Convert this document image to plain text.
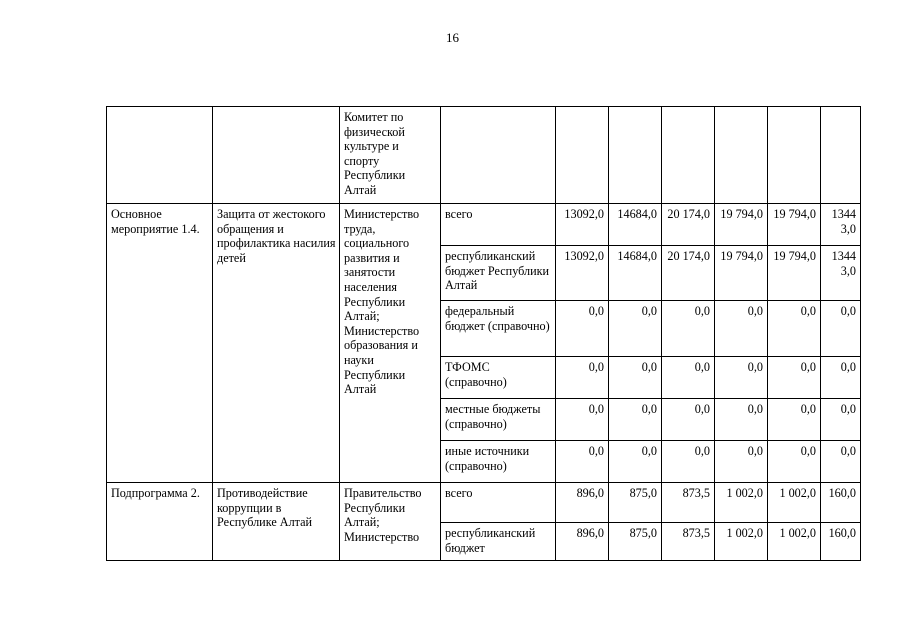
16
		Комитет по физической культуре и спорту Республики Алтай							
Основное мероприятие 1.4.	Защита от жестокого обращения и профилактика насилия детей	Министерство труда, социального развития и занятости населения Республики Алтай; Министерство образования и науки Республики Алтай	всего	13092,0	14684,0	20 174,0	19 794,0	19 794,0	1344 3,0
			республиканский бюджет Республики Алтай	13092,0	14684,0	20 174,0	19 794,0	19 794,0	1344 3,0
			федеральный бюджет (справочно)	0,0	0,0	0,0	0,0	0,0	0,0
			ТФОМС (справочно)	0,0	0,0	0,0	0,0	0,0	0,0
			местные бюджеты (справочно)	0,0	0,0	0,0	0,0	0,0	0,0
			иные источники (справочно)	0,0	0,0	0,0	0,0	0,0	0,0
Подпрограмма 2.	Противодействие коррупции в Республике Алтай	Правительство Республики Алтай; Министерство	всего	896,0	875,0	873,5	1 002,0	1 002,0	160,0
			республиканский бюджет	896,0	875,0	873,5	1 002,0	1 002,0	160,0
